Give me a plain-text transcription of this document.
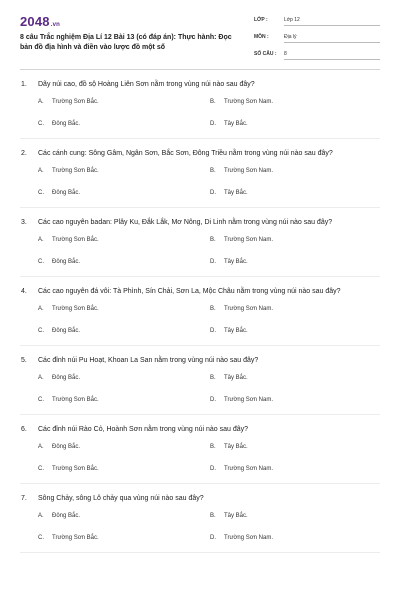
2048.vn
8 câu Trắc nghiệm Địa Lí 12 Bài 13 (có đáp án): Thực hành: Đọc bản đồ địa hình và điền vào lược đồ một số
LỚP :	Lớp 12
MÔN :	Địa lý
SỐ CÂU : 8
1. Dãy núi cao, đồ sộ Hoàng Liên Sơn nằm trong vùng núi nào sau đây?
A. Trường Sơn Bắc.	B. Trường Sơn Nam.
C. Đông Bắc.	D. Tây Bắc.
2. Các cánh cung: Sông Gâm, Ngân Sơn, Bắc Sơn, Đông Triều nằm trong vùng núi nào sau đây?
A. Trường Sơn Bắc.	B. Trường Sơn Nam.
C. Đông Bắc.	D. Tây Bắc.
3. Các cao nguyên badan: Plây Ku, Đắk Lắk, Mơ Nông, Di Linh nằm trong vùng núi nào sau đây?
A. Trường Sơn Bắc.	B. Trường Sơn Nam.
C. Đông Bắc.	D. Tây Bắc.
4. Các cao nguyên đá vôi: Tà Phình, Sín Chải, Sơn La, Mộc Châu nằm trong vùng núi nào sau đây?
A. Trường Sơn Bắc.	B. Trường Sơn Nam.
C. Đông Bắc.	D. Tây Bắc.
5. Các đỉnh núi Pu Hoạt, Khoan La San nằm trong vùng núi nào sau đây?
A. Đông Bắc.	B. Tây Bắc.
C. Trường Sơn Bắc.	D. Trường Sơn Nam.
6. Các đỉnh núi Rào Cỏ, Hoành Sơn nằm trong vùng núi nào sau đây?
A. Đông Bắc.	B. Tây Bắc.
C. Trường Sơn Bắc.	D. Trường Sơn Nam.
7. Sông Chảy, sông Lô chảy qua vùng núi nào sau đây?
A. Đông Bắc.	B. Tây Bắc.
C. Trường Sơn Bắc.	D. Trường Sơn Nam.
